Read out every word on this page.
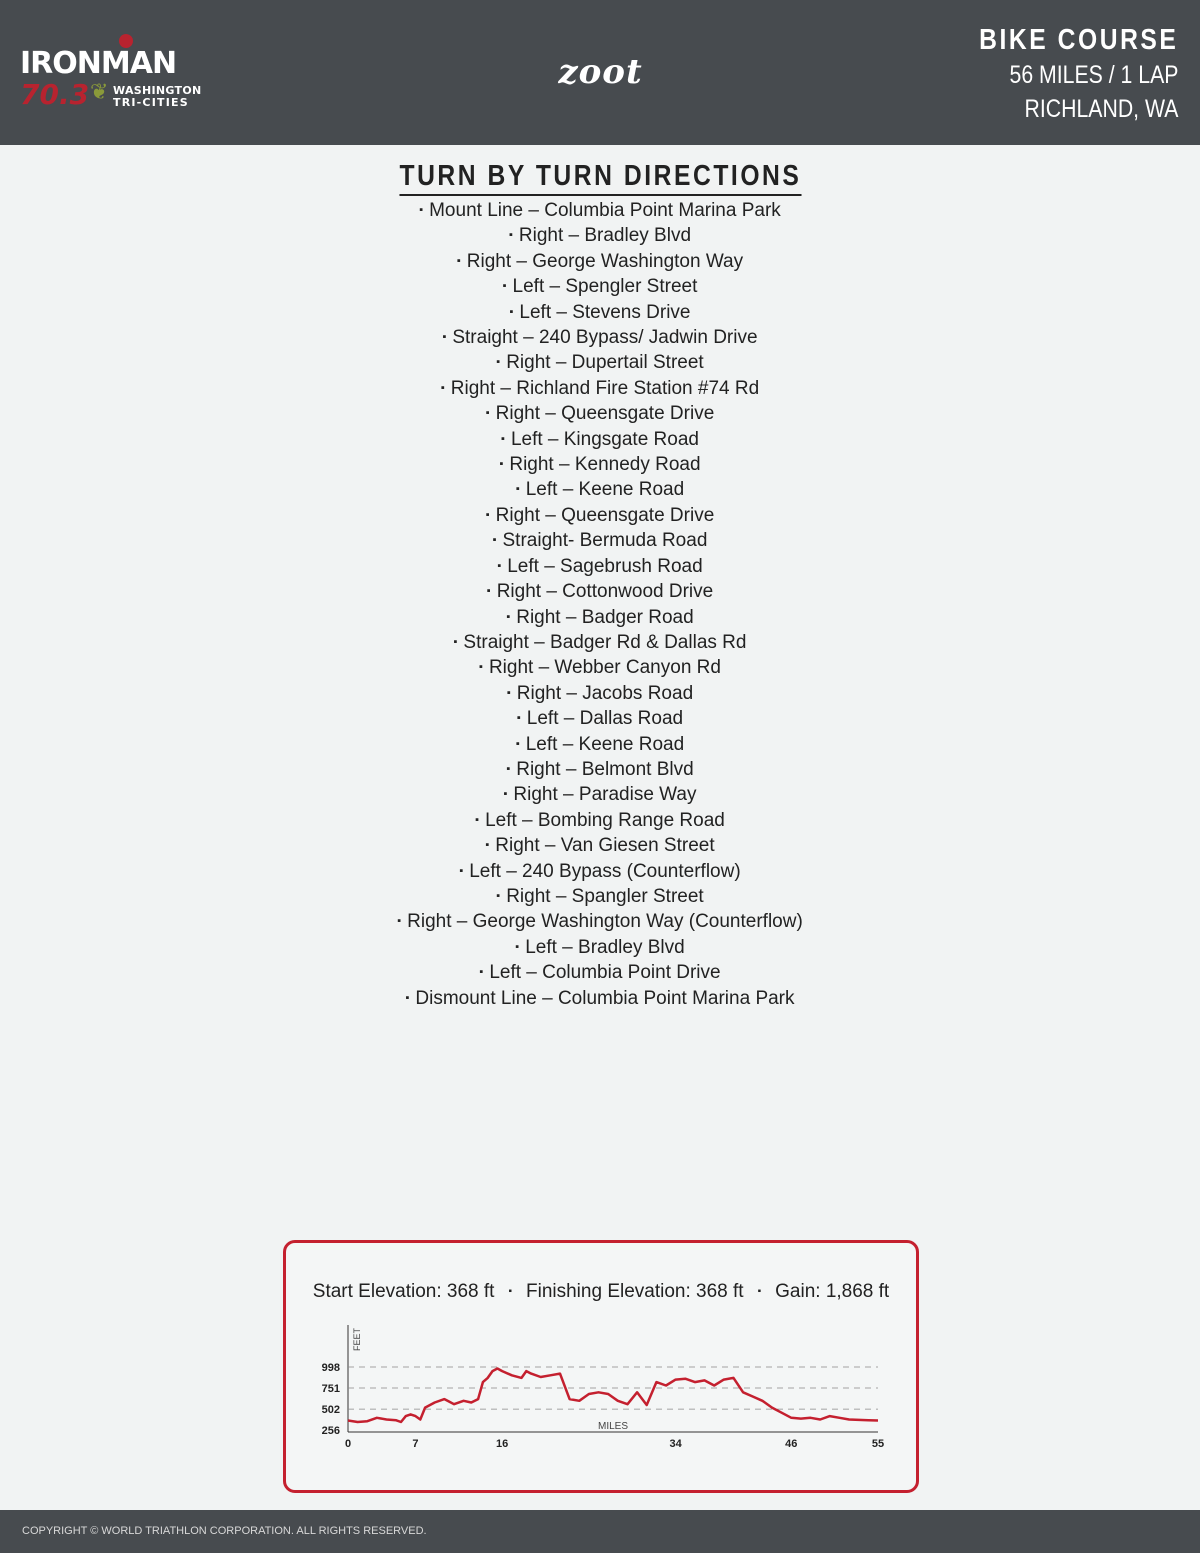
IRONMAN
70.3 ❦ WASHINGTON
TRI-CITIES
zoot
BIKE COURSE
56 MILES / 1 LAP
RICHLAND, WA
TURN BY TURN DIRECTIONS
▪ Mount Line – Columbia Point Marina Park
▪ Right – Bradley Blvd
▪ Right – George Washington Way
▪ Left – Spengler Street
▪ Left – Stevens Drive
▪ Straight – 240 Bypass/ Jadwin Drive
▪ Right – Dupertail Street
▪ Right – Richland Fire Station #74 Rd
▪ Right – Queensgate Drive
▪ Left – Kingsgate Road
▪ Right – Kennedy Road
▪ Left – Keene Road
▪ Right – Queensgate Drive
▪ Straight- Bermuda Road
▪ Left – Sagebrush Road
▪ Right – Cottonwood Drive
▪ Right – Badger Road
▪ Straight – Badger Rd & Dallas Rd
▪ Right – Webber Canyon Rd
▪ Right – Jacobs Road
▪ Left – Dallas Road
▪ Left – Keene Road
▪ Right – Belmont Blvd
▪ Right – Paradise Way
▪ Left – Bombing Range Road
▪ Right – Van Giesen Street
▪ Left – 240 Bypass (Counterflow)
▪ Right – Spangler Street
▪ Right – George Washington Way (Counterflow)
▪ Left – Bradley Blvd
▪ Left – Columbia Point Drive
▪ Dismount Line – Columbia Point Marina Park
Start Elevation: 368 ft ▪ Finishing Elevation: 368 ft ▪ Gain: 1,868 ft
FEET
256
502
751
998
0	7	16	34	46	55
MILES
COPYRIGHT © WORLD TRIATHLON CORPORATION. ALL RIGHTS RESERVED.
